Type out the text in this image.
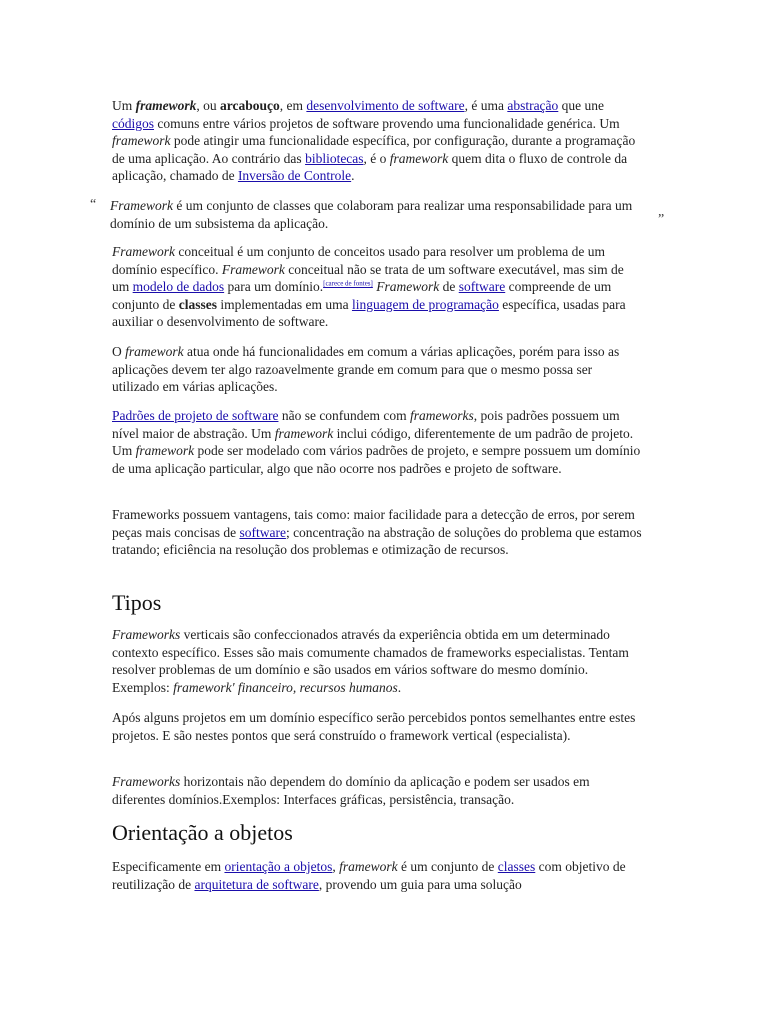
Um framework, ou arcabouço, em desenvolvimento de software, é uma abstração que une códigos comuns entre vários projetos de software provendo uma funcionalidade genérica. Um framework pode atingir uma funcionalidade específica, por configuração, durante a programação de uma aplicação. Ao contrário das bibliotecas, é o framework quem dita o fluxo de controle da aplicação, chamado de Inversão de Controle.

“ Framework é um conjunto de classes que colaboram para realizar uma responsabilidade para um domínio de um subsistema da aplicação.	”

Framework conceitual é um conjunto de conceitos usado para resolver um problema de um domínio específico. Framework conceitual não se trata de um software executável, mas sim de um modelo de dados para um domínio.[carece de fontes] Framework de software compreende de um conjunto de classes implementadas em uma linguagem de programação específica, usadas para auxiliar o desenvolvimento de software.

O framework atua onde há funcionalidades em comum a várias aplicações, porém para isso as aplicações devem ter algo razoavelmente grande em comum para que o mesmo possa ser utilizado em várias aplicações.

Padrões de projeto de software não se confundem com frameworks, pois padrões possuem um nível maior de abstração. Um framework inclui código, diferentemente de um padrão de projeto. Um framework pode ser modelado com vários padrões de projeto, e sempre possuem um domínio de uma aplicação particular, algo que não ocorre nos padrões e projeto de software.

Frameworks possuem vantagens, tais como: maior facilidade para a detecção de erros, por serem peças mais concisas de software; concentração na abstração de soluções do problema que estamos tratando; eficiência na resolução dos problemas e otimização de recursos.

Tipos

Frameworks verticais são confeccionados através da experiência obtida em um determinado contexto específico. Esses são mais comumente chamados de frameworks especialistas. Tentam resolver problemas de um domínio e são usados em vários software do mesmo domínio. Exemplos: framework' financeiro, recursos humanos.

Após alguns projetos em um domínio específico serão percebidos pontos semelhantes entre estes projetos. E são nestes pontos que será construído o framework vertical (especialista).

Frameworks horizontais não dependem do domínio da aplicação e podem ser usados em diferentes domínios.Exemplos: Interfaces gráficas, persistência, transação.

Orientação a objetos

Especificamente em orientação a objetos, framework é um conjunto de classes com objetivo de reutilização de arquitetura de software, provendo um guia para uma solução
